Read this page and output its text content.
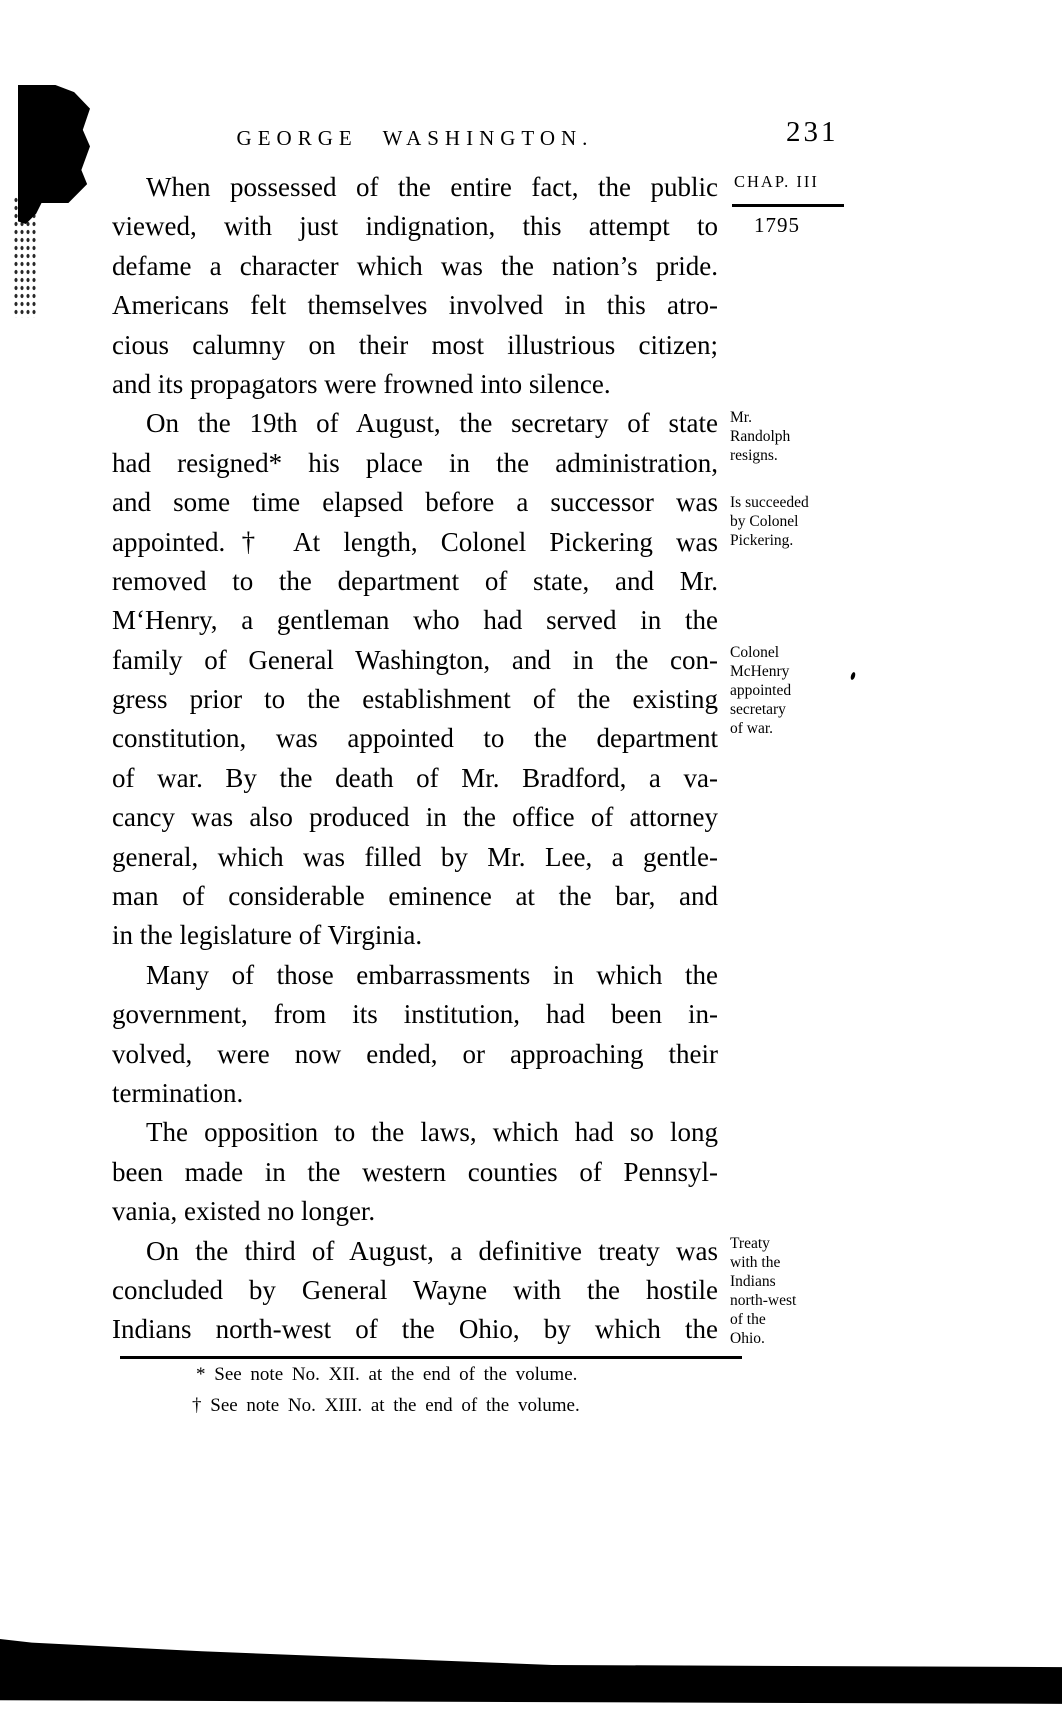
GEORGE WASHINGTON.	231
CHAP. III
1795
When possessed of the entire fact, the public
viewed, with just indignation, this attempt to
defame a character which was the nation’s pride.
Americans felt themselves involved in this atro-
cious calumny on their most illustrious citizen;
and its propagators were frowned into silence.
On the 19th of August, the secretary of state
had resigned* his place in the administration,
and some time elapsed before a successor was
appointed.† At length, Colonel Pickering was
removed to the department of state, and Mr.
M‘Henry, a gentleman who had served in the
family of General Washington, and in the con-
gress prior to the establishment of the existing
constitution, was appointed to the department
of war. By the death of Mr. Bradford, a va-
cancy was also produced in the office of attorney
general, which was filled by Mr. Lee, a gentle-
man of considerable eminence at the bar, and
in the legislature of Virginia.
Many of those embarrassments in which the
government, from its institution, had been in-
volved, were now ended, or approaching their
termination.
The opposition to the laws, which had so long
been made in the western counties of Pennsyl-
vania, existed no longer.
On the third of August, a definitive treaty was
concluded by General Wayne with the hostile
Indians north-west of the Ohio, by which the
Mr.
Randolph
resigns.
Is succeeded
by Colonel
Pickering.
Colonel
McHenry
appointed
secretary
of war.
Treaty
with the
Indians
north-west
of the
Ohio.
* See note No. XII. at the end of the volume.
† See note No. XIII. at the end of the volume.
